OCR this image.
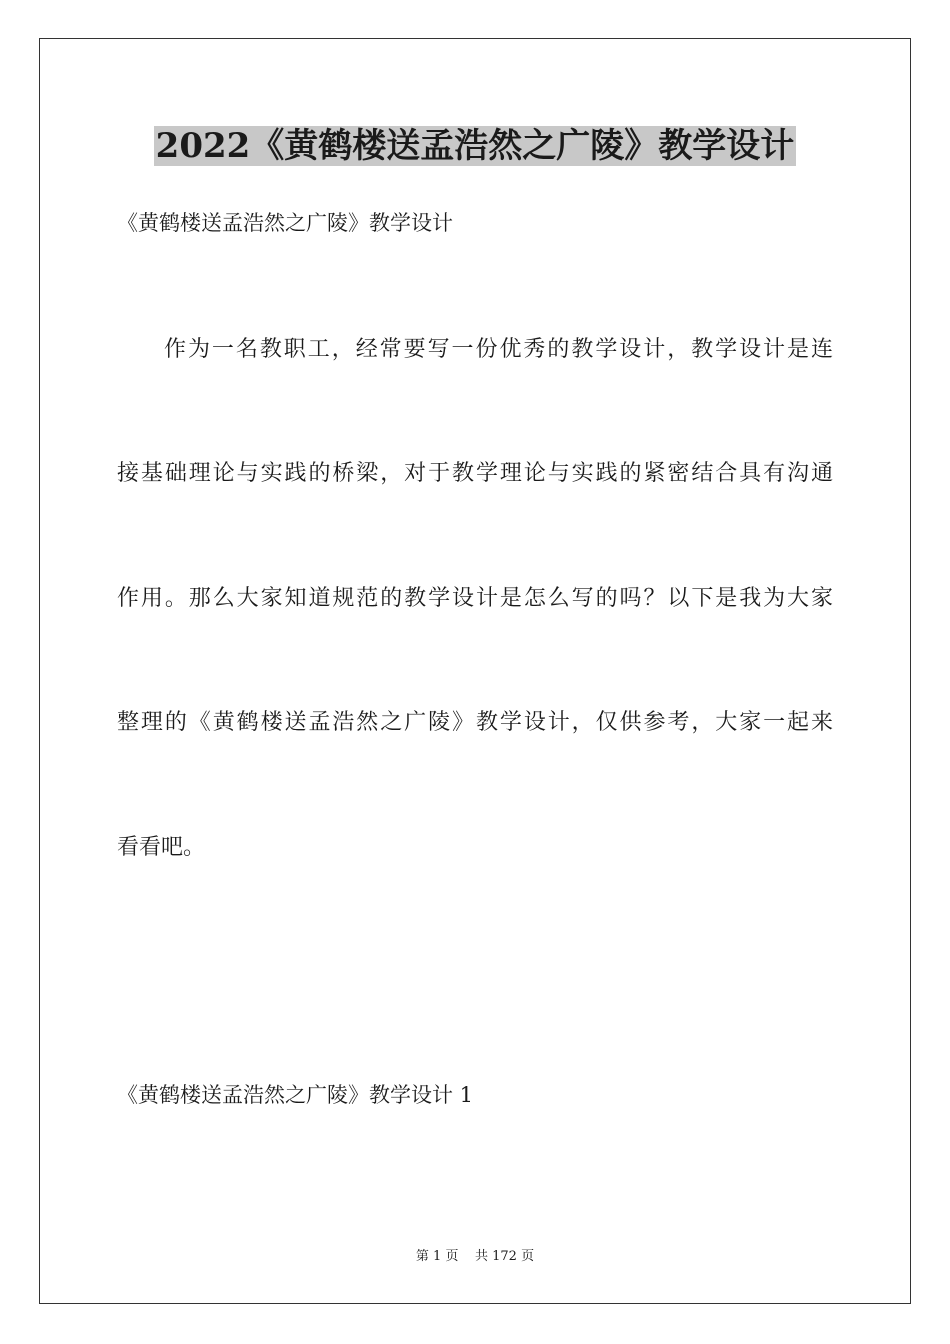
2022《黄鹤楼送孟浩然之广陵》教学设计
《黄鹤楼送孟浩然之广陵》教学设计
作为一名教职工，经常要写一份优秀的教学设计，教学设计是连
接基础理论与实践的桥梁，对于教学理论与实践的紧密结合具有沟通
作用。那么大家知道规范的教学设计是怎么写的吗？以下是我为大家
整理的《黄鹤楼送孟浩然之广陵》教学设计，仅供参考，大家一起来
看看吧。
《黄鹤楼送孟浩然之广陵》教学设计 1
第 1 页    共 172 页
